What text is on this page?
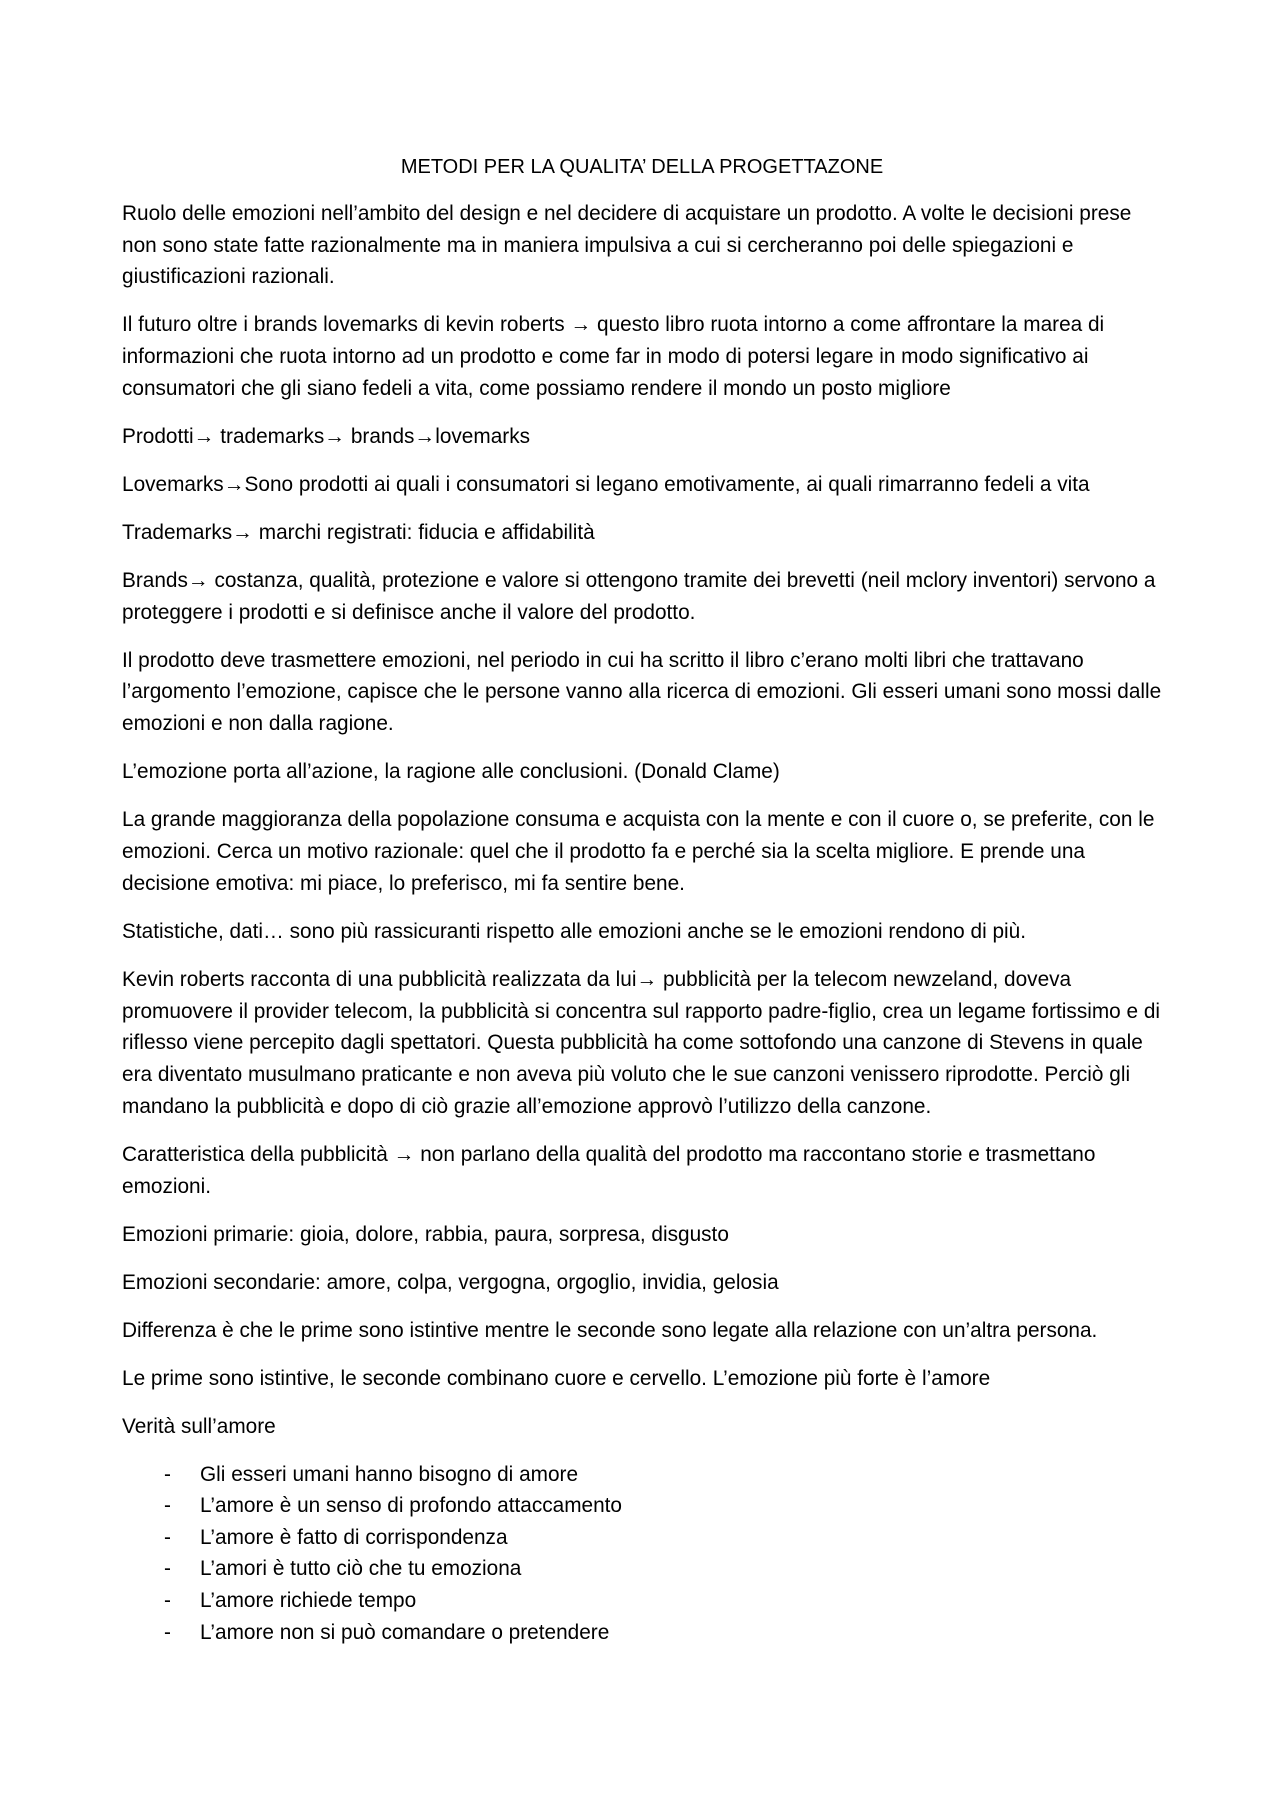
METODI PER LA QUALITA’ DELLA PROGETTAZONE

Ruolo delle emozioni nell’ambito del design e nel decidere di acquistare un prodotto. A volte le decisioni prese non sono state fatte razionalmente ma in maniera impulsiva a cui si cercheranno poi delle spiegazioni e giustificazioni razionali.

Il futuro oltre i brands lovemarks di kevin roberts → questo libro ruota intorno a come affrontare la marea di informazioni che ruota intorno ad un prodotto e come far in modo di potersi legare in modo significativo ai consumatori che gli siano fedeli a vita, come possiamo rendere il mondo un posto migliore

Prodotti→ trademarks→ brands→lovemarks

Lovemarks→Sono prodotti ai quali i consumatori si legano emotivamente, ai quali rimarranno fedeli a vita

Trademarks→ marchi registrati: fiducia e affidabilità

Brands→ costanza, qualità, protezione e valore si ottengono tramite dei brevetti (neil mclory inventori) servono a proteggere i prodotti e si definisce anche il valore del prodotto.

Il prodotto deve trasmettere emozioni, nel periodo in cui ha scritto il libro c’erano molti libri che trattavano l’argomento l’emozione, capisce che le persone vanno alla ricerca di emozioni. Gli esseri umani sono mossi dalle emozioni e non dalla ragione.

L’emozione porta all’azione, la ragione alle conclusioni. (Donald Clame)

La grande maggioranza della popolazione consuma e acquista con la mente e con il cuore o, se preferite, con le emozioni. Cerca un motivo razionale: quel che il prodotto fa e perché sia la scelta migliore. E prende una decisione emotiva: mi piace, lo preferisco, mi fa sentire bene.

Statistiche, dati… sono più rassicuranti rispetto alle emozioni anche se le emozioni rendono di più.

Kevin roberts racconta di una pubblicità realizzata da lui→ pubblicità per la telecom newzeland, doveva promuovere il provider telecom, la pubblicità si concentra sul rapporto padre-figlio, crea un legame fortissimo e di riflesso viene percepito dagli spettatori. Questa pubblicità ha come sottofondo una canzone di Stevens in quale era diventato musulmano praticante e non aveva più voluto che le sue canzoni venissero riprodotte. Perciò gli mandano la pubblicità e dopo di ciò grazie all’emozione approvò l’utilizzo della canzone.

Caratteristica della pubblicità → non parlano della qualità del prodotto ma raccontano storie e trasmettano emozioni.

Emozioni primarie: gioia, dolore, rabbia, paura, sorpresa, disgusto

Emozioni secondarie: amore, colpa, vergogna, orgoglio, invidia, gelosia

Differenza è che le prime sono istintive mentre le seconde sono legate alla relazione con un’altra persona.

Le prime sono istintive, le seconde combinano cuore e cervello. L’emozione più forte è l’amore

Verità sull’amore

- Gli esseri umani hanno bisogno di amore
- L’amore è un senso di profondo attaccamento
- L’amore è fatto di corrispondenza
- L’amori è tutto ciò che tu emoziona
- L’amore richiede tempo
- L’amore non si può comandare o pretendere
